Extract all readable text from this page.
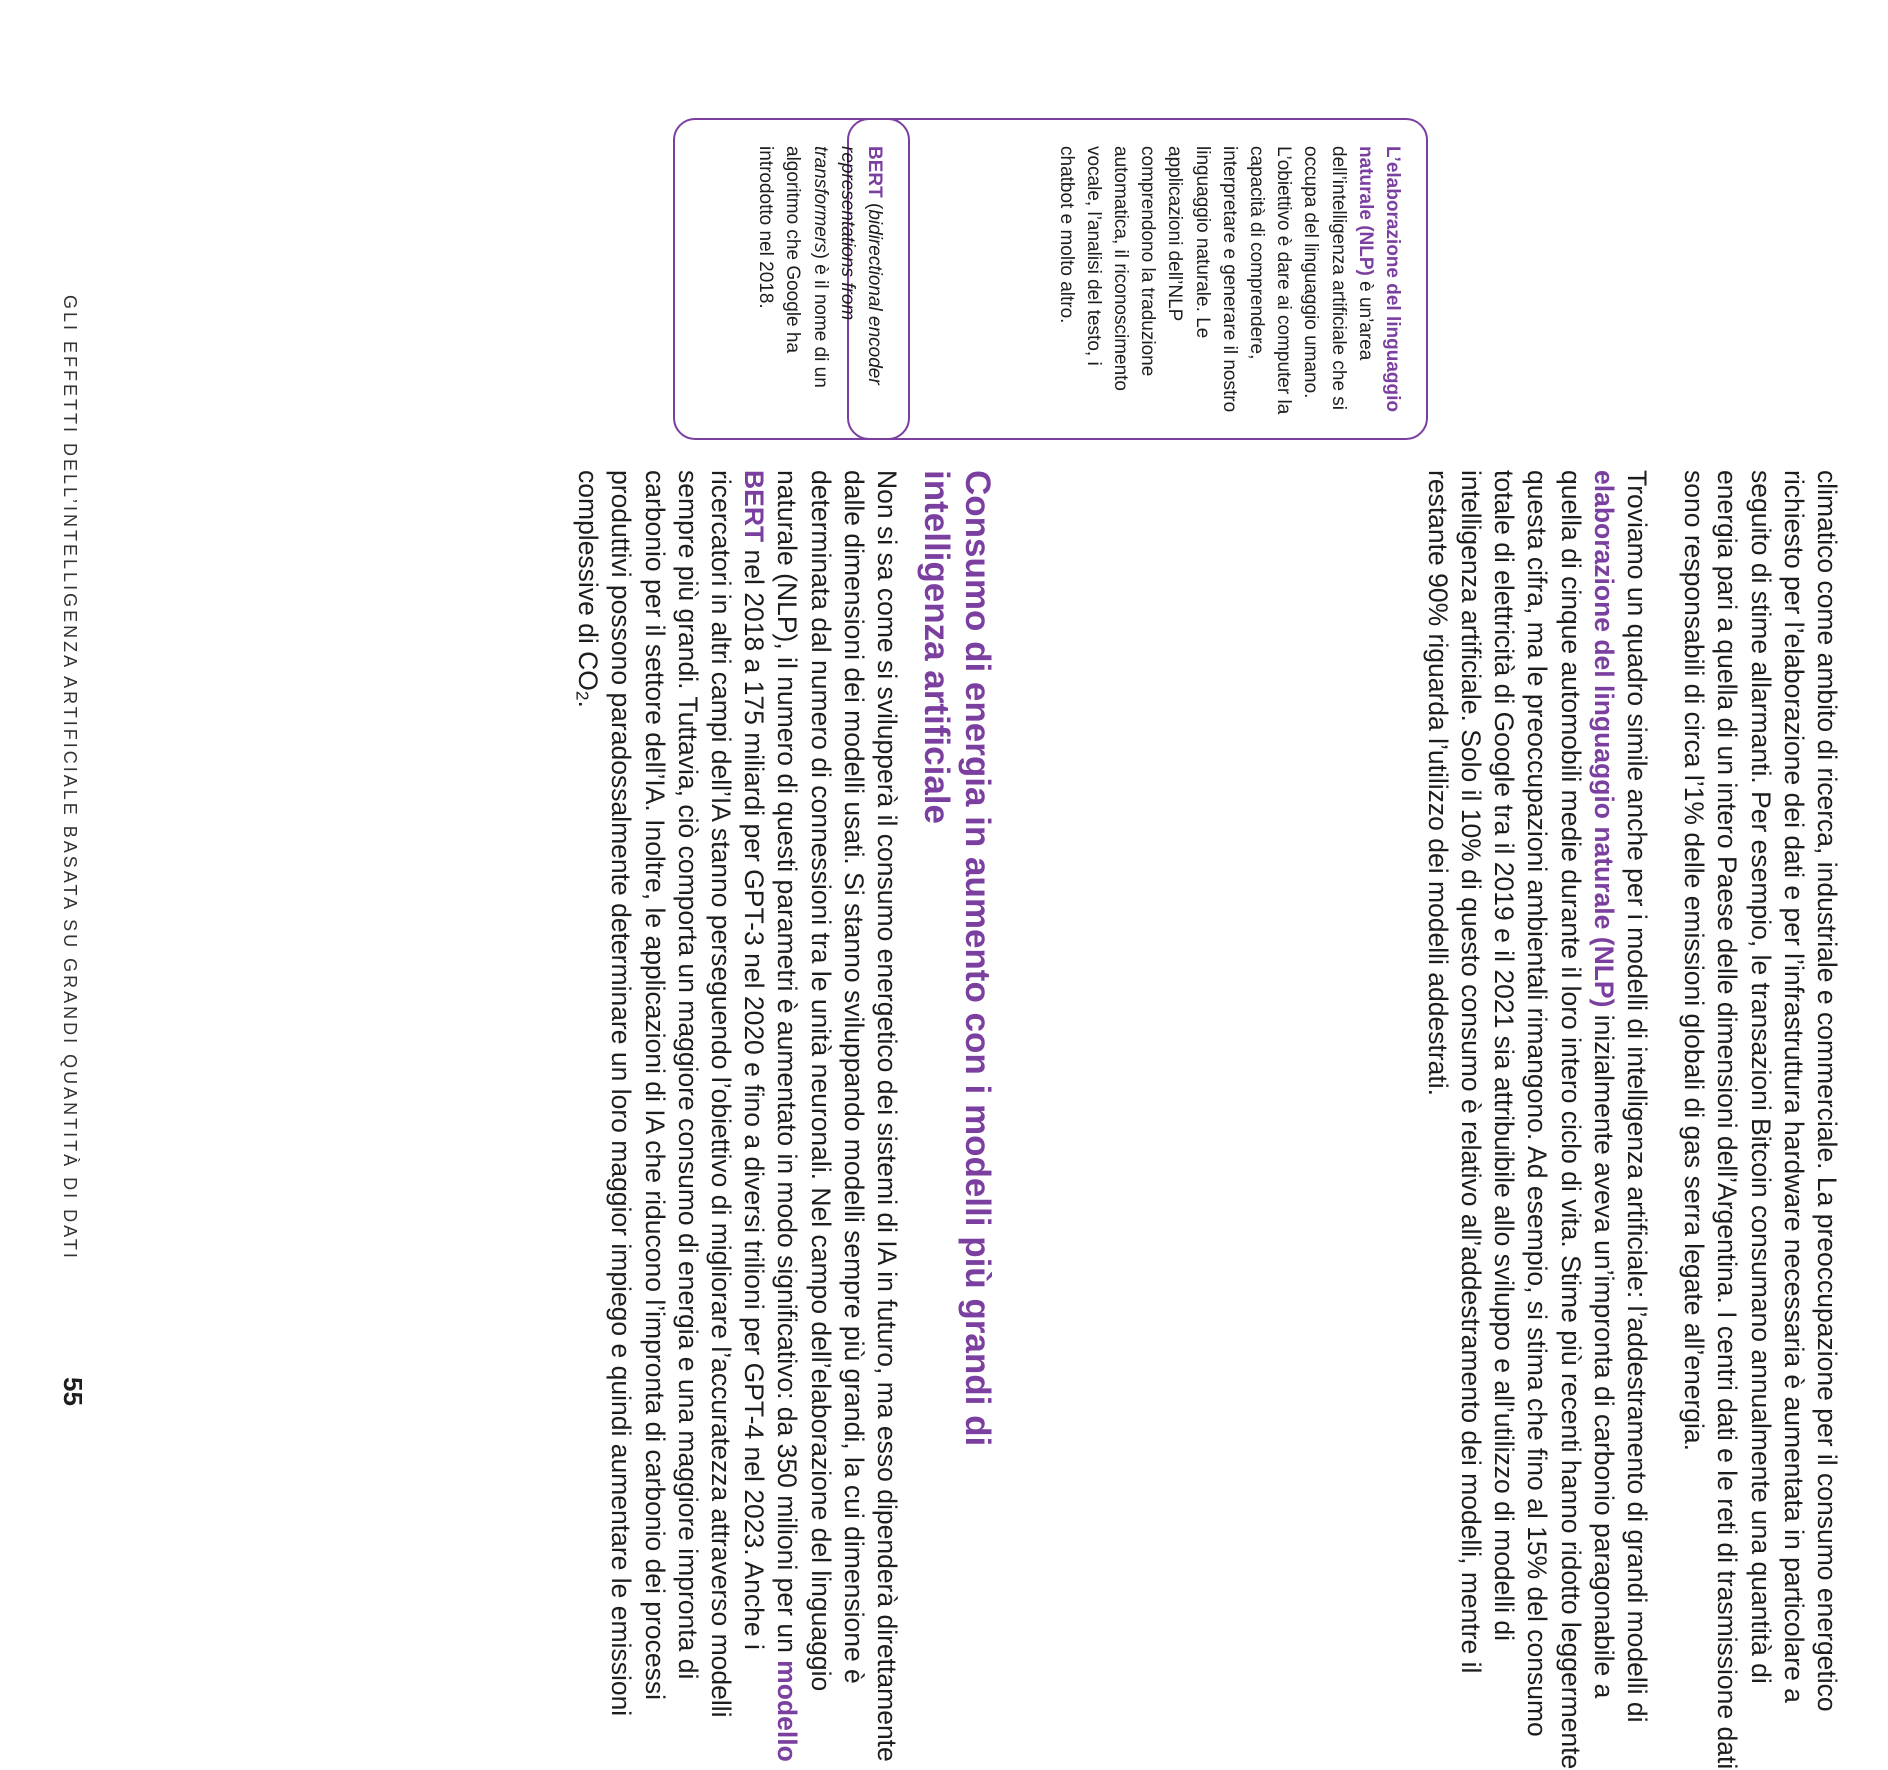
L’elaborazione del linguaggio naturale (NLP) è un’area dell’intelligenza artificiale che si occupa del linguaggio umano. L’obiettivo è dare ai computer la capacità di comprendere, interpretare e generare il nostro linguaggio naturale. Le applicazioni dell’NLP comprendono la traduzione automatica, il riconoscimento vocale, l’analisi del testo, i chatbot e molto altro.
BERT (bidirectional encoder representations from transformers) è il nome di un algoritmo che Google ha introdotto nel 2018.

climatico come ambito di ricerca, industriale e commerciale. La preoccupazione per il consumo energetico richiesto per l’elaborazione dei dati e per l’infrastruttura hardware necessaria è aumentata in particolare a seguito di stime allarmanti. Per esempio, le transazioni Bitcoin consumano annualmente una quantità di energia pari a quella di un intero Paese delle dimensioni dell’Argentina. I centri dati e le reti di trasmissione dati sono responsabili di circa l’1% delle emissioni globali di gas serra legate all’energia.

Troviamo un quadro simile anche per i modelli di intelligenza artificiale: l’addestramento di grandi modelli di elaborazione del linguaggio naturale (NLP) inizialmente aveva un’impronta di carbonio paragonabile a quella di cinque automobili medie durante il loro intero ciclo di vita. Stime più recenti hanno ridotto leggermente questa cifra, ma le preoccupazioni ambientali rimangono. Ad esempio, si stima che fino al 15% del consumo totale di elettricità di Google tra il 2019 e il 2021 sia attribuibile allo sviluppo e all’utilizzo di modelli di intelligenza artificiale. Solo il 10% di questo consumo è relativo all’addestramento dei modelli, mentre il restante 90% riguarda l’utilizzo dei modelli addestrati.

Consumo di energia in aumento con i modelli più grandi di intelligenza artificiale

Non si sa come si svilupperà il consumo energetico dei sistemi di IA in futuro, ma esso dipenderà direttamente dalle dimensioni dei modelli usati. Si stanno sviluppando modelli sempre più grandi, la cui dimensione è determinata dal numero di connessioni tra le unità neuronali. Nel campo dell’elaborazione del linguaggio naturale (NLP), il numero di questi parametri è aumentato in modo significativo: da 350 milioni per un modello BERT nel 2018 a 175 miliardi per GPT-3 nel 2020 e fino a diversi trilioni per GPT-4 nel 2023. Anche i ricercatori in altri campi dell’IA stanno perseguendo l’obiettivo di migliorare l’accuratezza attraverso modelli sempre più grandi. Tuttavia, ciò comporta un maggiore consumo di energia e una maggiore impronta di carbonio per il settore dell’IA. Inoltre, le applicazioni di IA che riducono l’impronta di carbonio dei processi produttivi possono paradossalmente determinare un loro maggior impiego e quindi aumentare le emissioni complessive di $CO_2$.

GLI EFFETTI DELL’INTELLIGENZA ARTIFICIALE BASATA SU GRANDI QUANTITÀ DI DATI
55
